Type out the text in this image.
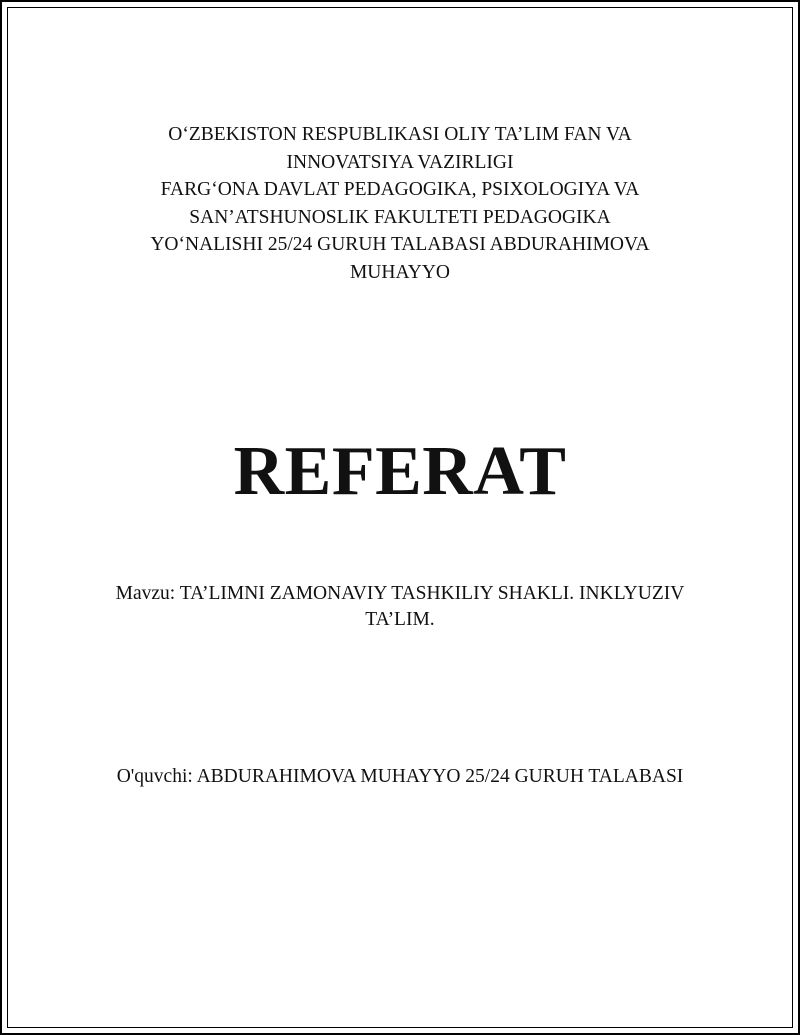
O‘ZBEKISTON RESPUBLIKASI OLIY TA’LIM FAN VA
INNOVATSIYA VAZIRLIGI
FARG‘ONA DAVLAT PEDAGOGIKA, PSIXOLOGIYA VA
SAN’ATSHUNOSLIK FAKULTETI PEDAGOGIKA
YO‘NALISHI 25/24 GURUH TALABASI ABDURAHIMOVA
MUHAYYO
REFERAT
Mavzu: TA’LIMNI ZAMONAVIY TASHKILIY SHAKLI. INKLYUZIV
TA’LIM.
O'quvchi: ABDURAHIMOVA MUHAYYO 25/24 GURUH TALABASI
